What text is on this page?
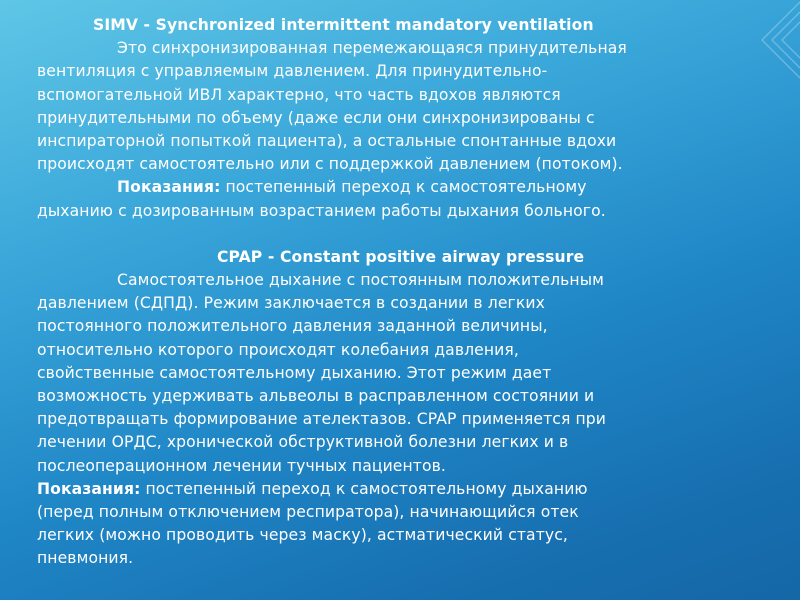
SIMV - Synchronized intermittent mandatory ventilation
Это синхронизированная перемежающаяся принудительная
вентиляция с управляемым давлением. Для принудительно-
вспомогательной ИВЛ характерно, что часть вдохов являются
принудительными по объему (даже если они синхронизированы с
инспираторной попыткой пациента), а остальные спонтанные вдохи
происходят самостоятельно или с поддержкой давлением (потоком).
Показания: постепенный переход к самостоятельному
дыханию с дозированным возрастанием работы дыхания больного.
CPAP - Constant positive airway pressure
Самостоятельное дыхание с постоянным положительным
давлением (СДПД). Режим заключается в создании в легких
постоянного положительного давления заданной величины,
относительно которого происходят колебания давления,
свойственные самостоятельному дыханию. Этот режим дает
возможность удерживать альвеолы в расправленном состоянии и
предотвращать формирование ателектазов. CPAP применяется при
лечении ОРДС, хронической обструктивной болезни легких и в
послеоперационном лечении тучных пациентов.
Показания: постепенный переход к самостоятельному дыханию
(перед полным отключением респиратора), начинающийся отек
легких (можно проводить через маску), астматический статус,
пневмония.
